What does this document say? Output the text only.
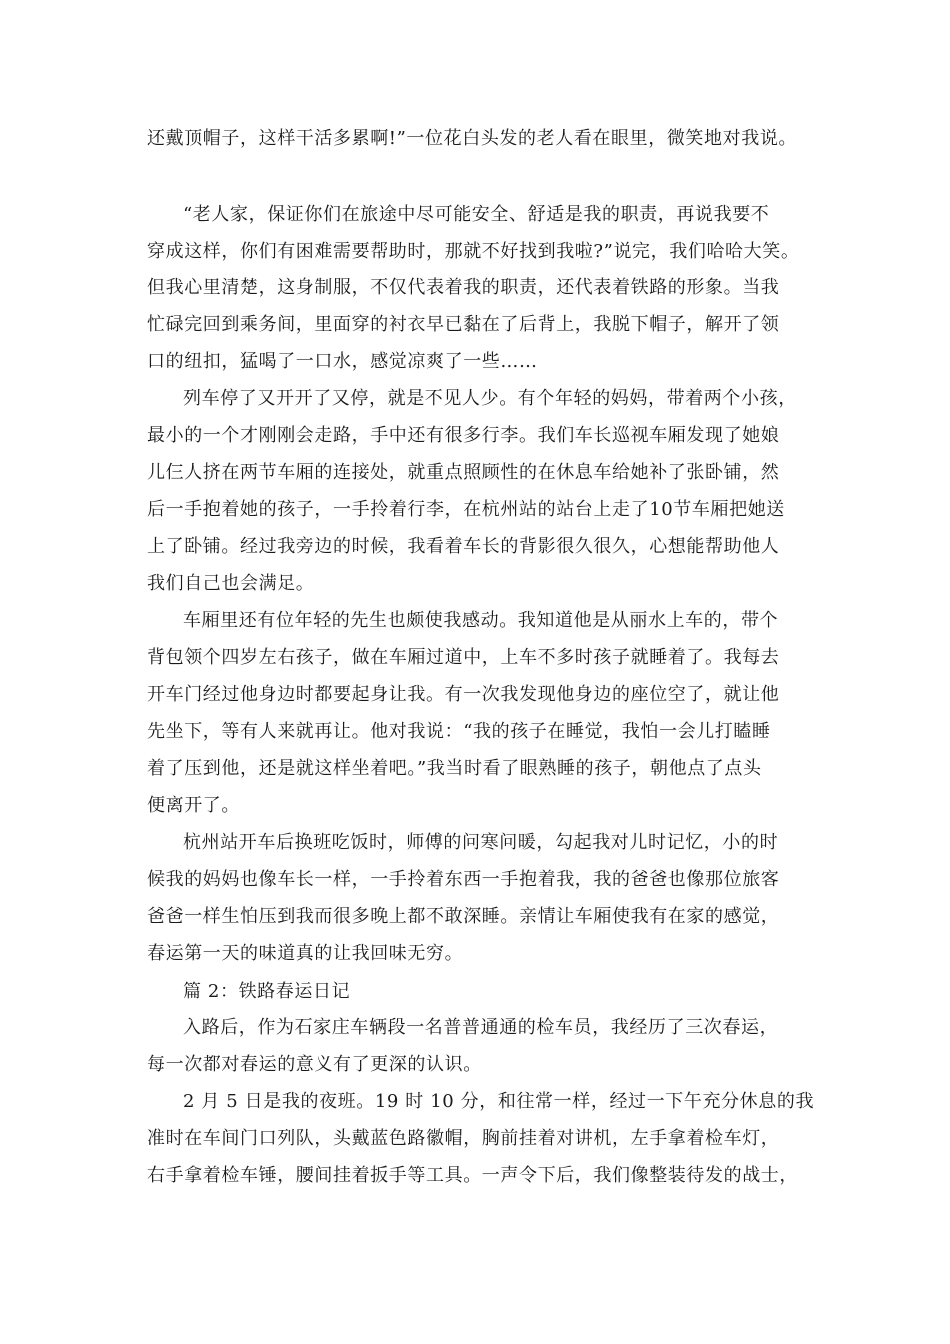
还戴顶帽子，这样干活多累啊!”一位花白头发的老人看在眼里，微笑地对我说。
“老人家，保证你们在旅途中尽可能安全、舒适是我的职责，再说我要不
穿成这样，你们有困难需要帮助时，那就不好找到我啦?”说完，我们哈哈大笑。
但我心里清楚，这身制服，不仅代表着我的职责，还代表着铁路的形象。当我
忙碌完回到乘务间，里面穿的衬衣早已黏在了后背上，我脱下帽子，解开了领
口的纽扣，猛喝了一口水，感觉凉爽了一些……
列车停了又开开了又停，就是不见人少。有个年轻的妈妈，带着两个小孩，
最小的一个才刚刚会走路，手中还有很多行李。我们车长巡视车厢发现了她娘
儿仨人挤在两节车厢的连接处，就重点照顾性的在休息车给她补了张卧铺，然
后一手抱着她的孩子，一手拎着行李，在杭州站的站台上走了10节车厢把她送
上了卧铺。经过我旁边的时候，我看着车长的背影很久很久，心想能帮助他人
我们自己也会满足。
车厢里还有位年轻的先生也颇使我感动。我知道他是从丽水上车的，带个
背包领个四岁左右孩子，做在车厢过道中，上车不多时孩子就睡着了。我每去
开车门经过他身边时都要起身让我。有一次我发现他身边的座位空了，就让他
先坐下，等有人来就再让。他对我说：“我的孩子在睡觉，我怕一会儿打瞌睡
着了压到他，还是就这样坐着吧。”我当时看了眼熟睡的孩子，朝他点了点头
便离开了。
杭州站开车后换班吃饭时，师傅的问寒问暖，勾起我对儿时记忆，小的时
候我的妈妈也像车长一样，一手拎着东西一手抱着我，我的爸爸也像那位旅客
爸爸一样生怕压到我而很多晚上都不敢深睡。亲情让车厢使我有在家的感觉，
春运第一天的味道真的让我回味无穷。
篇 2：铁路春运日记
入路后，作为石家庄车辆段一名普普通通的检车员，我经历了三次春运，
每一次都对春运的意义有了更深的认识。
2 月 5 日是我的夜班。19 时 10 分，和往常一样，经过一下午充分休息的我
准时在车间门口列队，头戴蓝色路徽帽，胸前挂着对讲机，左手拿着检车灯，
右手拿着检车锤，腰间挂着扳手等工具。一声令下后，我们像整装待发的战士，
